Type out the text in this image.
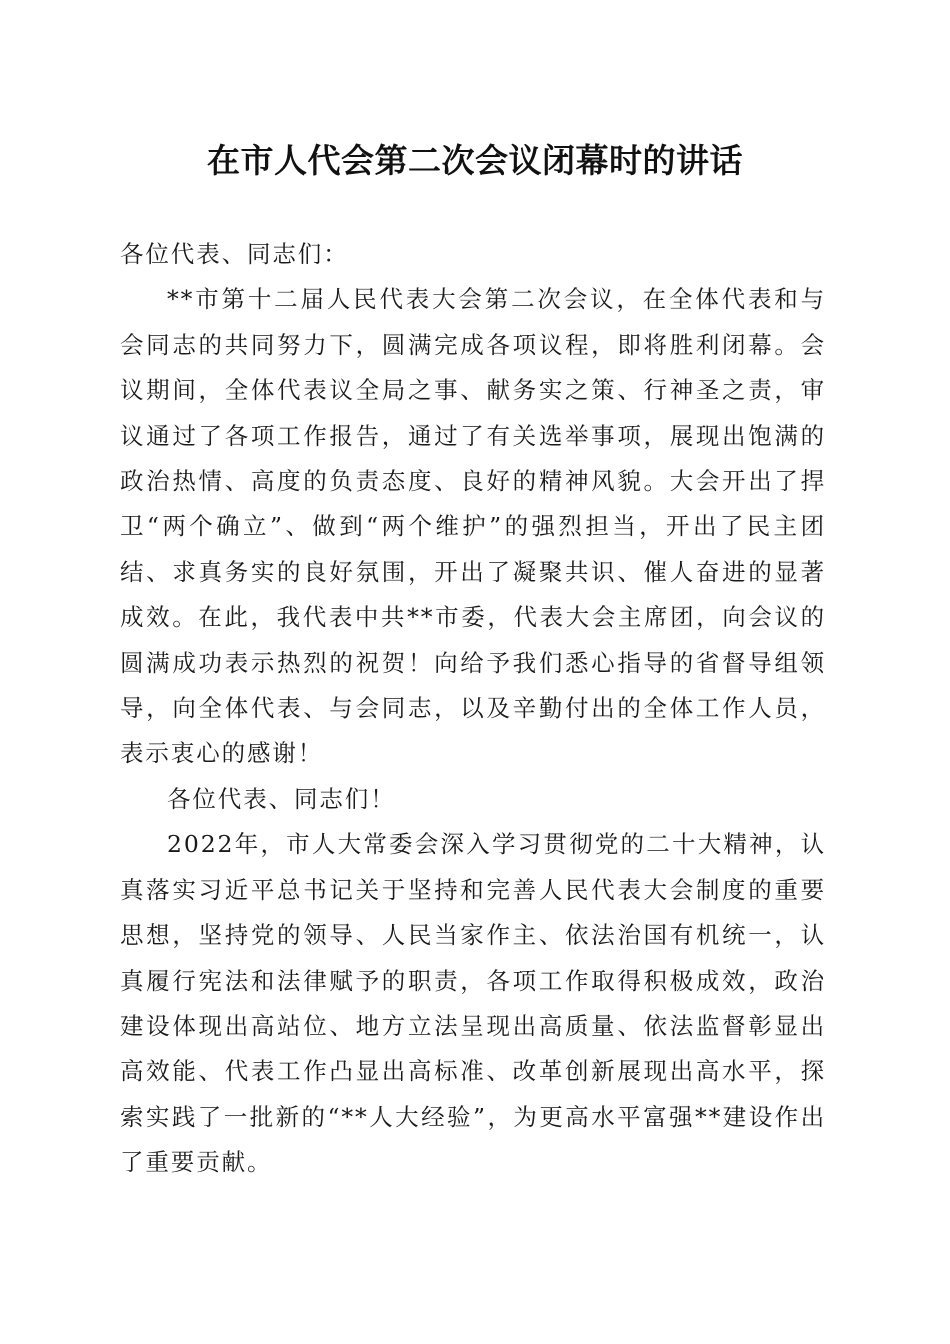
在市人代会第二次会议闭幕时的讲话

各位代表、同志们：

**市第十二届人民代表大会第二次会议，在全体代表和与会同志的共同努力下，圆满完成各项议程，即将胜利闭幕。会议期间，全体代表议全局之事、献务实之策、行神圣之责，审议通过了各项工作报告，通过了有关选举事项，展现出饱满的政治热情、高度的负责态度、良好的精神风貌。大会开出了捍卫“两个确立”、做到“两个维护”的强烈担当，开出了民主团结、求真务实的良好氛围，开出了凝聚共识、催人奋进的显著成效。在此，我代表中共**市委，代表大会主席团，向会议的圆满成功表示热烈的祝贺！向给予我们悉心指导的省督导组领导，向全体代表、与会同志，以及辛勤付出的全体工作人员，表示衷心的感谢！

各位代表、同志们！

2022年，市人大常委会深入学习贯彻党的二十大精神，认真落实习近平总书记关于坚持和完善人民代表大会制度的重要思想，坚持党的领导、人民当家作主、依法治国有机统一，认真履行宪法和法律赋予的职责，各项工作取得积极成效，政治建设体现出高站位、地方立法呈现出高质量、依法监督彰显出高效能、代表工作凸显出高标准、改革创新展现出高水平，探索实践了一批新的“**人大经验”，为更高水平富强**建设作出了重要贡献。
